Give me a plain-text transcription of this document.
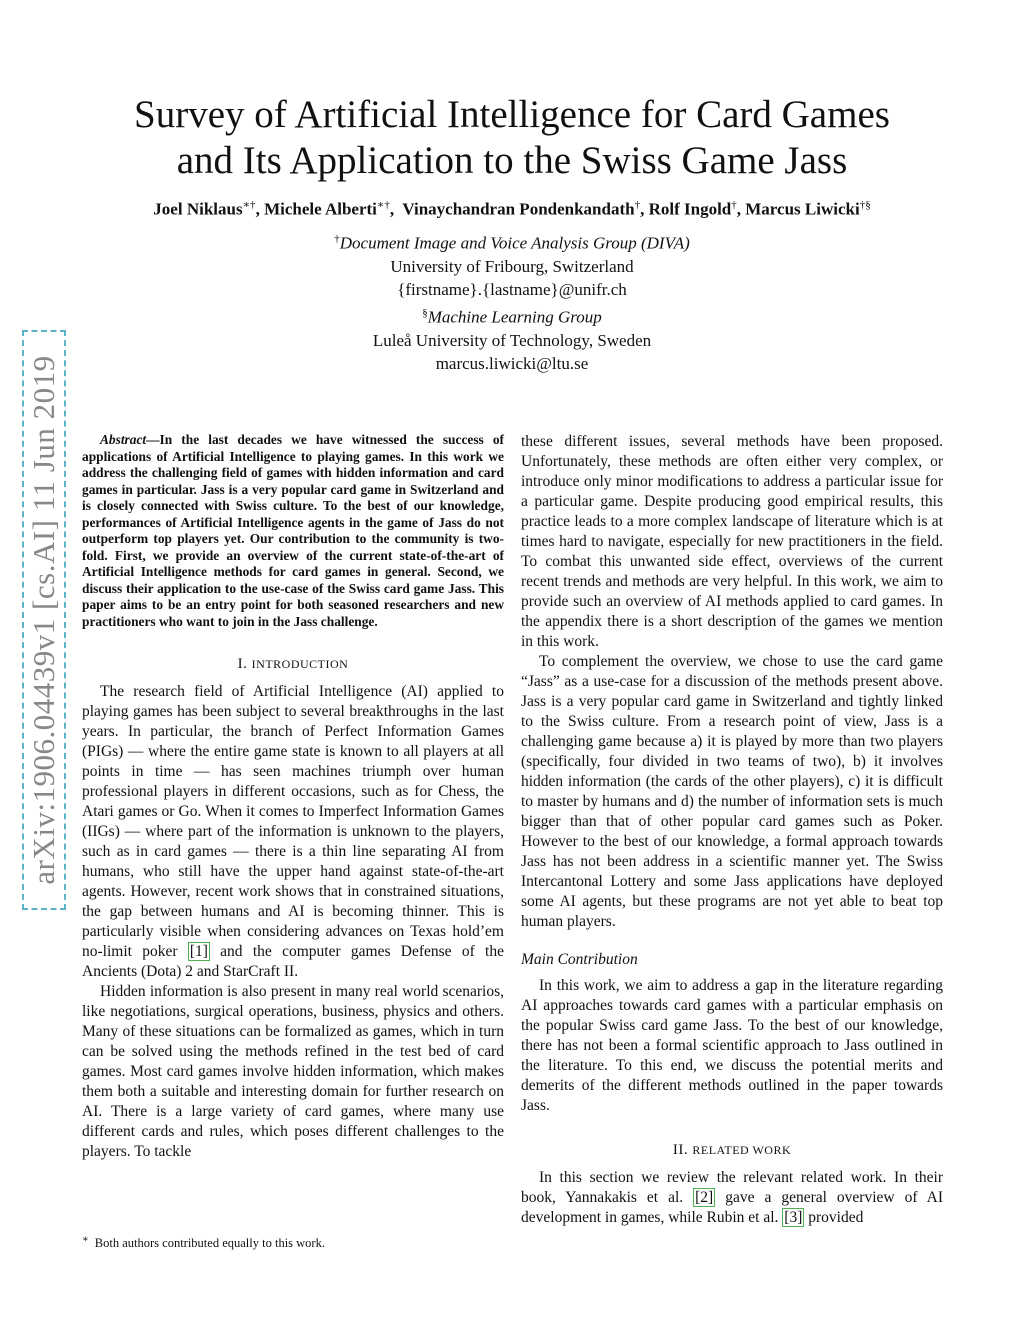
Survey of Artificial Intelligence for Card Games
and Its Application to the Swiss Game Jass
Joel Niklaus∗†, Michele Alberti∗†,  Vinaychandran Pondenkandath†, Rolf Ingold†, Marcus Liwicki†§
†Document Image and Voice Analysis Group (DIVA)
University of Fribourg, Switzerland
{firstname}.{lastname}@unifr.ch
§Machine Learning Group
Luleå University of Technology, Sweden
marcus.liwicki@ltu.se
arXiv:1906.04439v1 [cs.AI] 11 Jun 2019	Abstract—In the last decades we have witnessed the success of applications of Artificial Intelligence to playing games. In this work we address the challenging field of games with hidden information and card games in particular. Jass is a very popular card game in Switzerland and is closely connected with Swiss culture. To the best of our knowledge, performances of Artificial Intelligence agents in the game of Jass do not outperform top players yet. Our contribution to the community is two-fold. First, we provide an overview of the current state-of-the-art of Artificial Intelligence methods for card games in general. Second, we discuss their application to the use-case of the Swiss card game Jass. This paper aims to be an entry point for both seasoned researchers and new practitioners who want to join in the Jass challenge.

I. INTRODUCTION

The research field of Artificial Intelligence (AI) applied to playing games has been subject to several breakthroughs in the last years. In particular, the branch of Perfect Information Games (PIGs) — where the entire game state is known to all players at all points in time — has seen machines triumph over human professional players in different occasions, such as for Chess, the Atari games or Go. When it comes to Imperfect Information Games (IIGs) — where part of the information is unknown to the players, such as in card games — there is a thin line separating AI from humans, who still have the upper hand against state-of-the-art agents. However, recent work shows that in constrained situations, the gap between humans and AI is becoming thinner. This is particularly visible when considering advances on Texas hold’em no-limit poker [1] and the computer games Defense of the Ancients (Dota) 2 and StarCraft II.

Hidden information is also present in many real world scenarios, like negotiations, surgical operations, business, physics and others. Many of these situations can be formalized as games, which in turn can be solved using the methods refined in the test bed of card games. Most card games involve hidden information, which makes them both a suitable and interesting domain for further research on AI. There is a large variety of card games, where many use different cards and rules, which poses different challenges to the players. To tackle

∗ Both authors contributed equally to this work.

these different issues, several methods have been proposed. Unfortunately, these methods are often either very complex, or introduce only minor modifications to address a particular issue for a particular game. Despite producing good empirical results, this practice leads to a more complex landscape of literature which is at times hard to navigate, especially for new practitioners in the field. To combat this unwanted side effect, overviews of the current recent trends and methods are very helpful. In this work, we aim to provide such an overview of AI methods applied to card games. In the appendix there is a short description of the games we mention in this work.

To complement the overview, we chose to use the card game “Jass” as a use-case for a discussion of the methods present above. Jass is a very popular card game in Switzerland and tightly linked to the Swiss culture. From a research point of view, Jass is a challenging game because a) it is played by more than two players (specifically, four divided in two teams of two), b) it involves hidden information (the cards of the other players), c) it is difficult to master by humans and d) the number of information sets is much bigger than that of other popular card games such as Poker. However to the best of our knowledge, a formal approach towards Jass has not been address in a scientific manner yet. The Swiss Intercantonal Lottery and some Jass applications have deployed some AI agents, but these programs are not yet able to beat top human players.

Main Contribution

In this work, we aim to address a gap in the literature regarding AI approaches towards card games with a particular emphasis on the popular Swiss card game Jass. To the best of our knowledge, there has not been a formal scientific approach to Jass outlined in the literature. To this end, we discuss the potential merits and demerits of the different methods outlined in the paper towards Jass.

II. RELATED WORK

In this section we review the relevant related work. In their book, Yannakakis et al. [2] gave a general overview of AI development in games, while Rubin et al. [3] provided
